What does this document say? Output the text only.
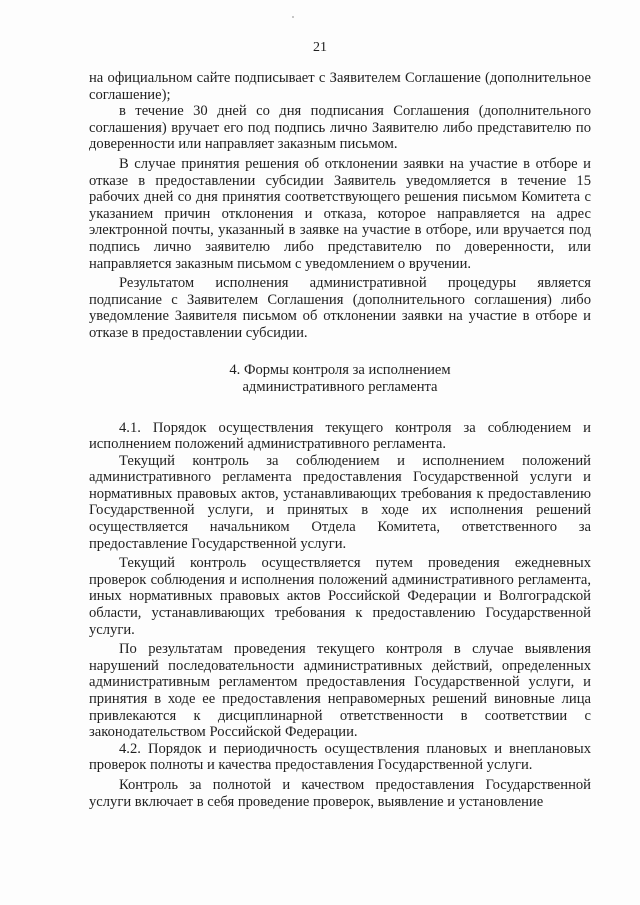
21

на официальном сайте подписывает с Заявителем Соглашение (дополнительное соглашение);

в течение 30 дней со дня подписания Соглашения (дополнительного соглашения) вручает его под подпись лично Заявителю либо представителю по доверенности или направляет заказным письмом.

В случае принятия решения об отклонении заявки на участие в отборе и отказе в предоставлении субсидии Заявитель уведомляется в течение 15 рабочих дней со дня принятия соответствующего решения письмом Комитета с указанием причин отклонения и отказа, которое направляется на адрес электронной почты, указанный в заявке на участие в отборе, или вручается под подпись лично заявителю либо представителю по доверенности, или направляется заказным письмом с уведомлением о вручении.

Результатом исполнения административной процедуры является подписание с Заявителем Соглашения (дополнительного соглашения) либо уведомление Заявителя письмом об отклонении заявки на участие в отборе и отказе в предоставлении субсидии.

4. Формы контроля за исполнением
административного регламента

4.1. Порядок осуществления текущего контроля за соблюдением и исполнением положений административного регламента.

Текущий контроль за соблюдением и исполнением положений административного регламента предоставления Государственной услуги и нормативных правовых актов, устанавливающих требования к предоставлению Государственной услуги, и принятых в ходе их исполнения решений осуществляется начальником Отдела Комитета, ответственного за предоставление Государственной услуги.

Текущий контроль осуществляется путем проведения ежедневных проверок соблюдения и исполнения положений административного регламента, иных нормативных правовых актов Российской Федерации и Волгоградской области, устанавливающих требования к предоставлению Государственной услуги.

По результатам проведения текущего контроля в случае выявления нарушений последовательности административных действий, определенных административным регламентом предоставления Государственной услуги, и принятия в ходе ее предоставления неправомерных решений виновные лица привлекаются к дисциплинарной ответственности в соответствии с законодательством Российской Федерации.

4.2. Порядок и периодичность осуществления плановых и внеплановых проверок полноты и качества предоставления Государственной услуги.

Контроль за полнотой и качеством предоставления Государственной услуги включает в себя проведение проверок, выявление и установление
